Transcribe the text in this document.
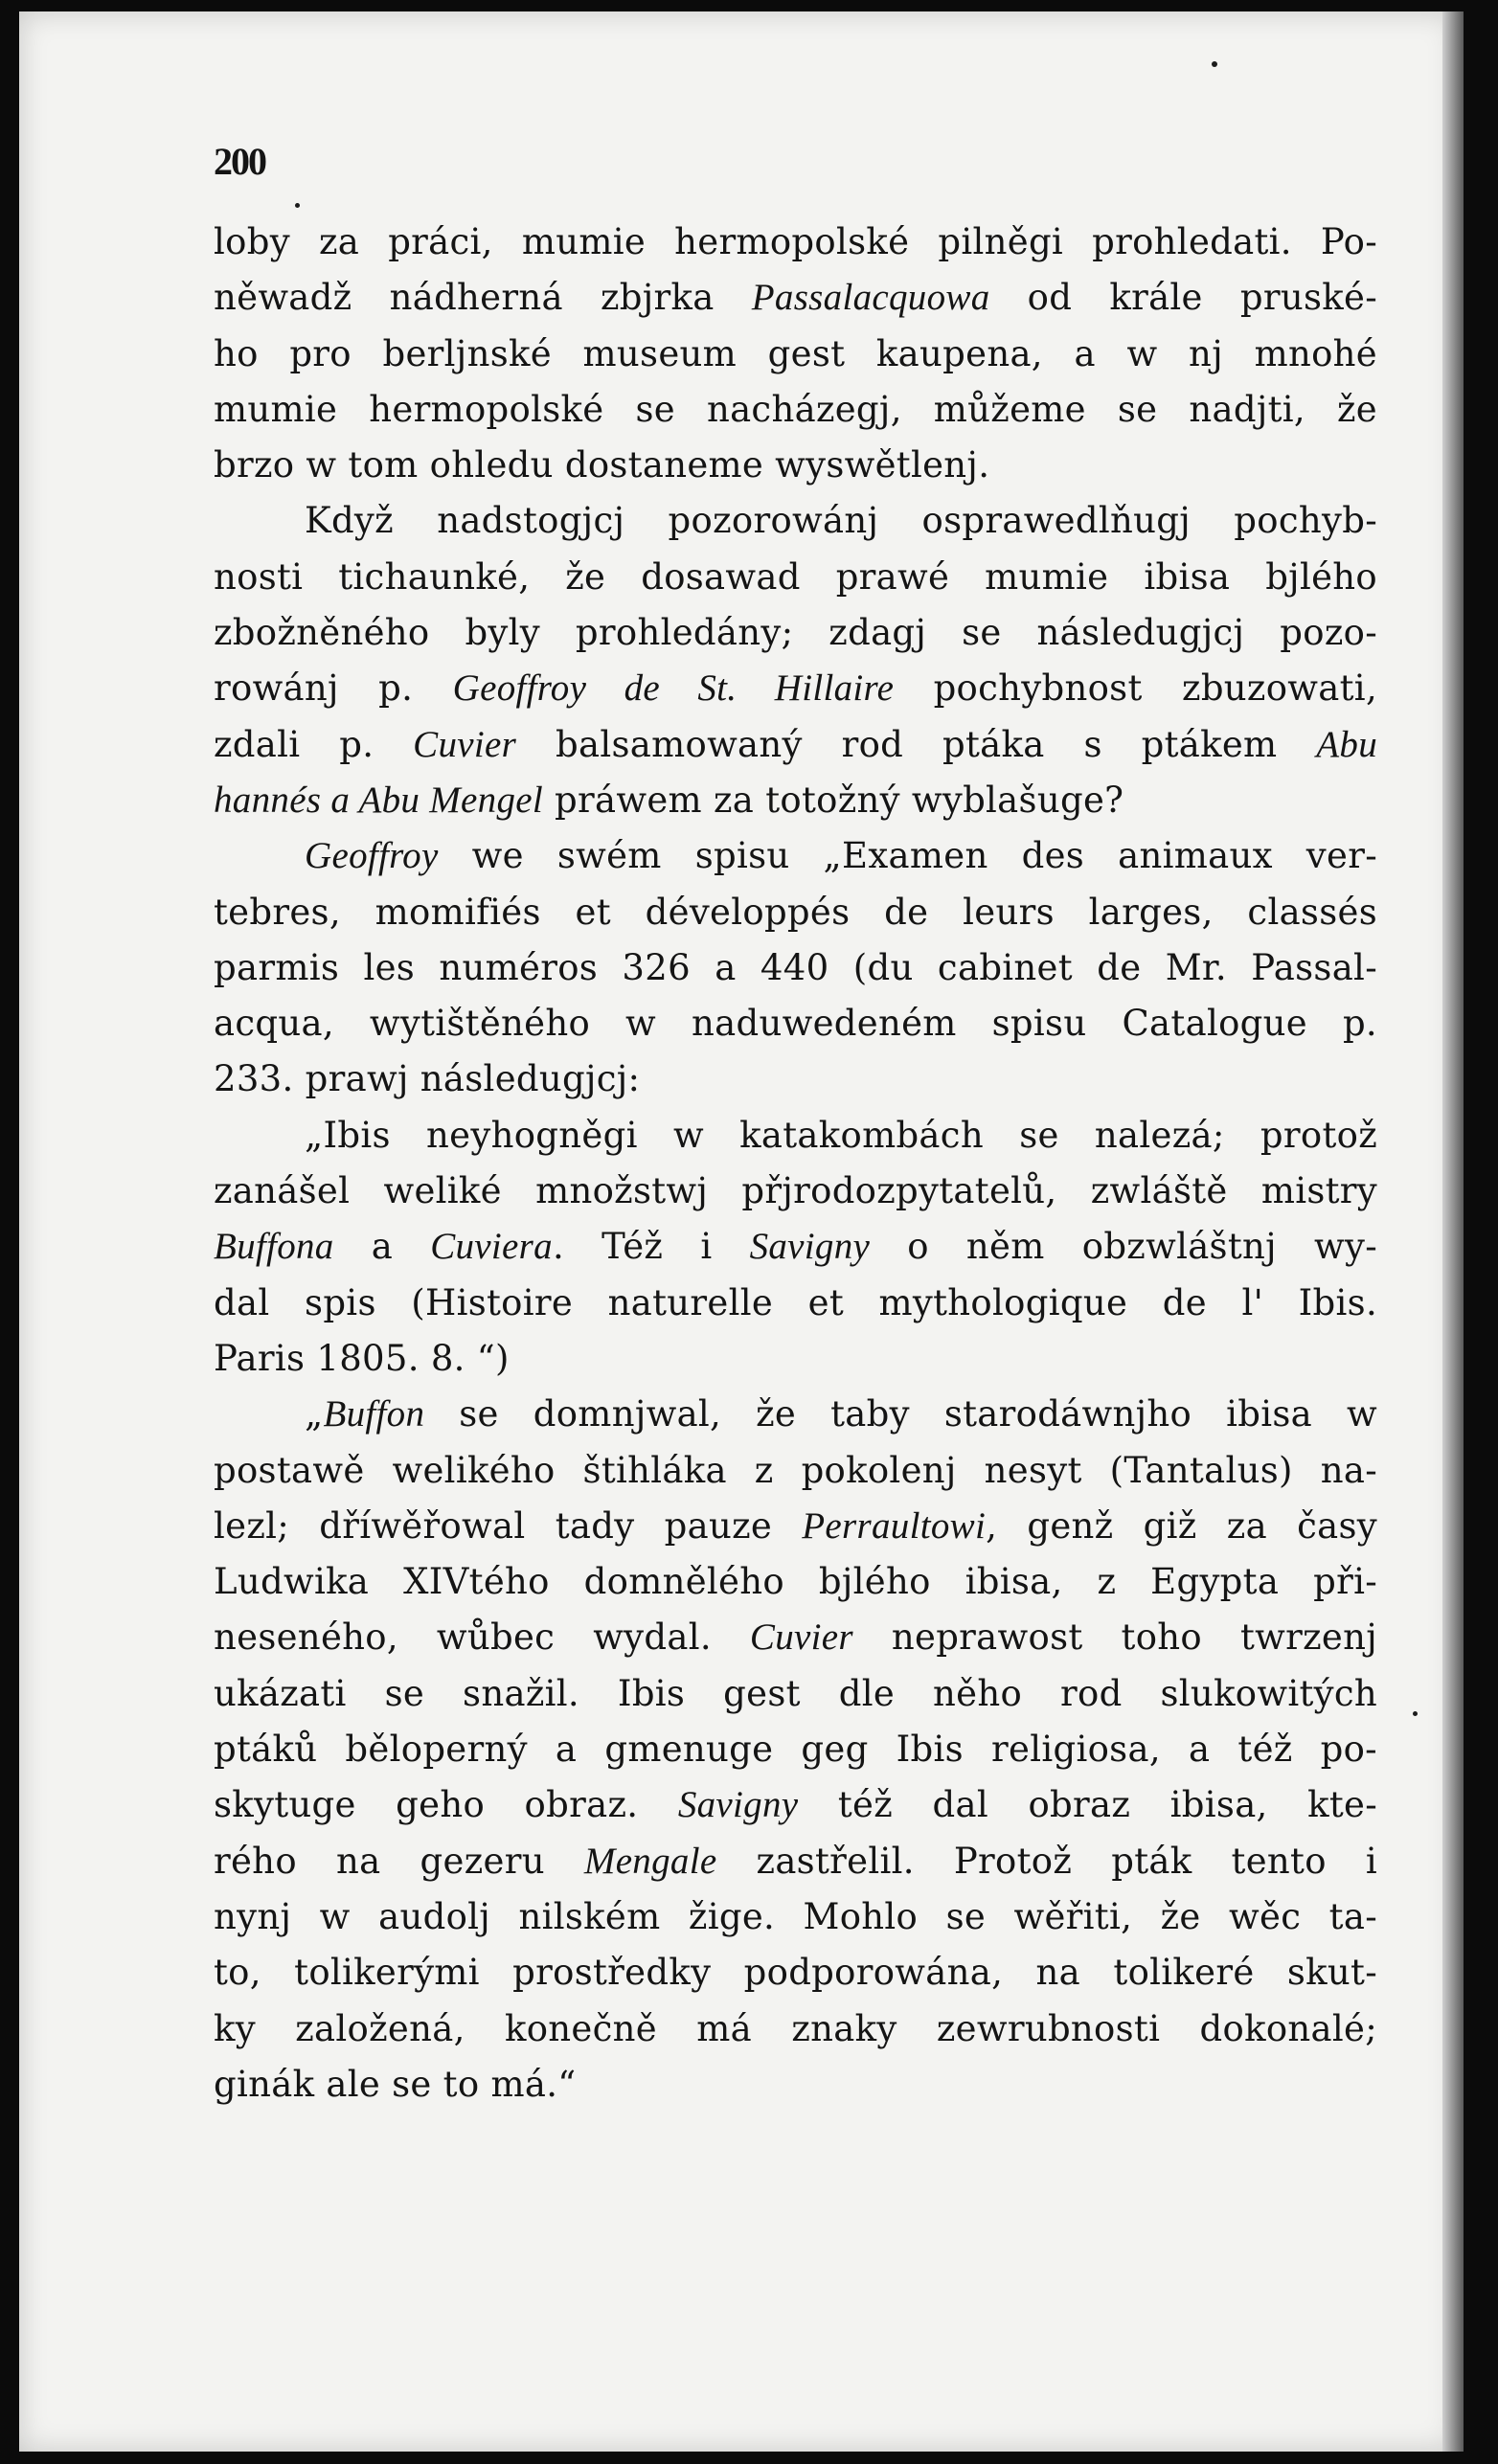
200
loby za práci, mumie hermopolské pilněgi prohledati. Po-
něwadž nádherná zbjrka Passalacquowa od krále pruské-
ho pro berljnské museum gest kaupena, a w nj mnohé
mumie hermopolské se nacházegj, můžeme se nadjti, že
brzo w tom ohledu dostaneme wyswětlenj.
Když nadstogjcj pozorowánj osprawedlňugj pochyb-
nosti tichaunké, že dosawad prawé mumie ibisa bjlého
zbožněného byly prohledány; zdagj se následugjcj pozo-
rowánj p. Geoffroy de St. Hillaire pochybnost zbuzowati,
zdali p. Cuvier balsamowaný rod ptáka s ptákem Abu
hannés a Abu Mengel práwem za totožný wyblašuge?
Geoffroy we swém spisu „Examen des animaux ver-
tebres, momifiés et développés de leurs larges, classés
parmis les numéros 326 a 440 (du cabinet de Mr. Passal-
acqua, wytištěného w naduwedeném spisu Catalogue p.
233. prawj následugjcj:
„Ibis neyhogněgi w katakombách se nalezá; protož
zanášel weliké množstwj přjrodozpytatelů, zwláště mistry
Buffona a Cuviera. Též i Savigny o něm obzwláštnj wy-
dal spis (Histoire naturelle et mythologique de l' Ibis.
Paris 1805. 8. “)
„Buffon se domnjwal, že taby starodáwnjho ibisa w
postawě welikého štihláka z pokolenj nesyt (Tantalus) na-
lezl; dříwěřowal tady pauze Perraultowi, genž giž za časy
Ludwika XIVtého domnělého bjlého ibisa, z Egypta při-
neseného, wůbec wydal. Cuvier neprawost toho twrzenj
ukázati se snažil. Ibis gest dle něho rod slukowitých
ptáků běloperný a gmenuge geg Ibis religiosa, a též po-
skytuge geho obraz. Savigny též dal obraz ibisa, kte-
rého na gezeru Mengale zastřelil. Protož pták tento i
nynj w audolj nilském žige. Mohlo se wěřiti, že wěc ta-
to, tolikerými prostředky podporowána, na tolikeré skut-
ky založená, konečně má znaky zewrubnosti dokonalé;
ginák ale se to má.“
